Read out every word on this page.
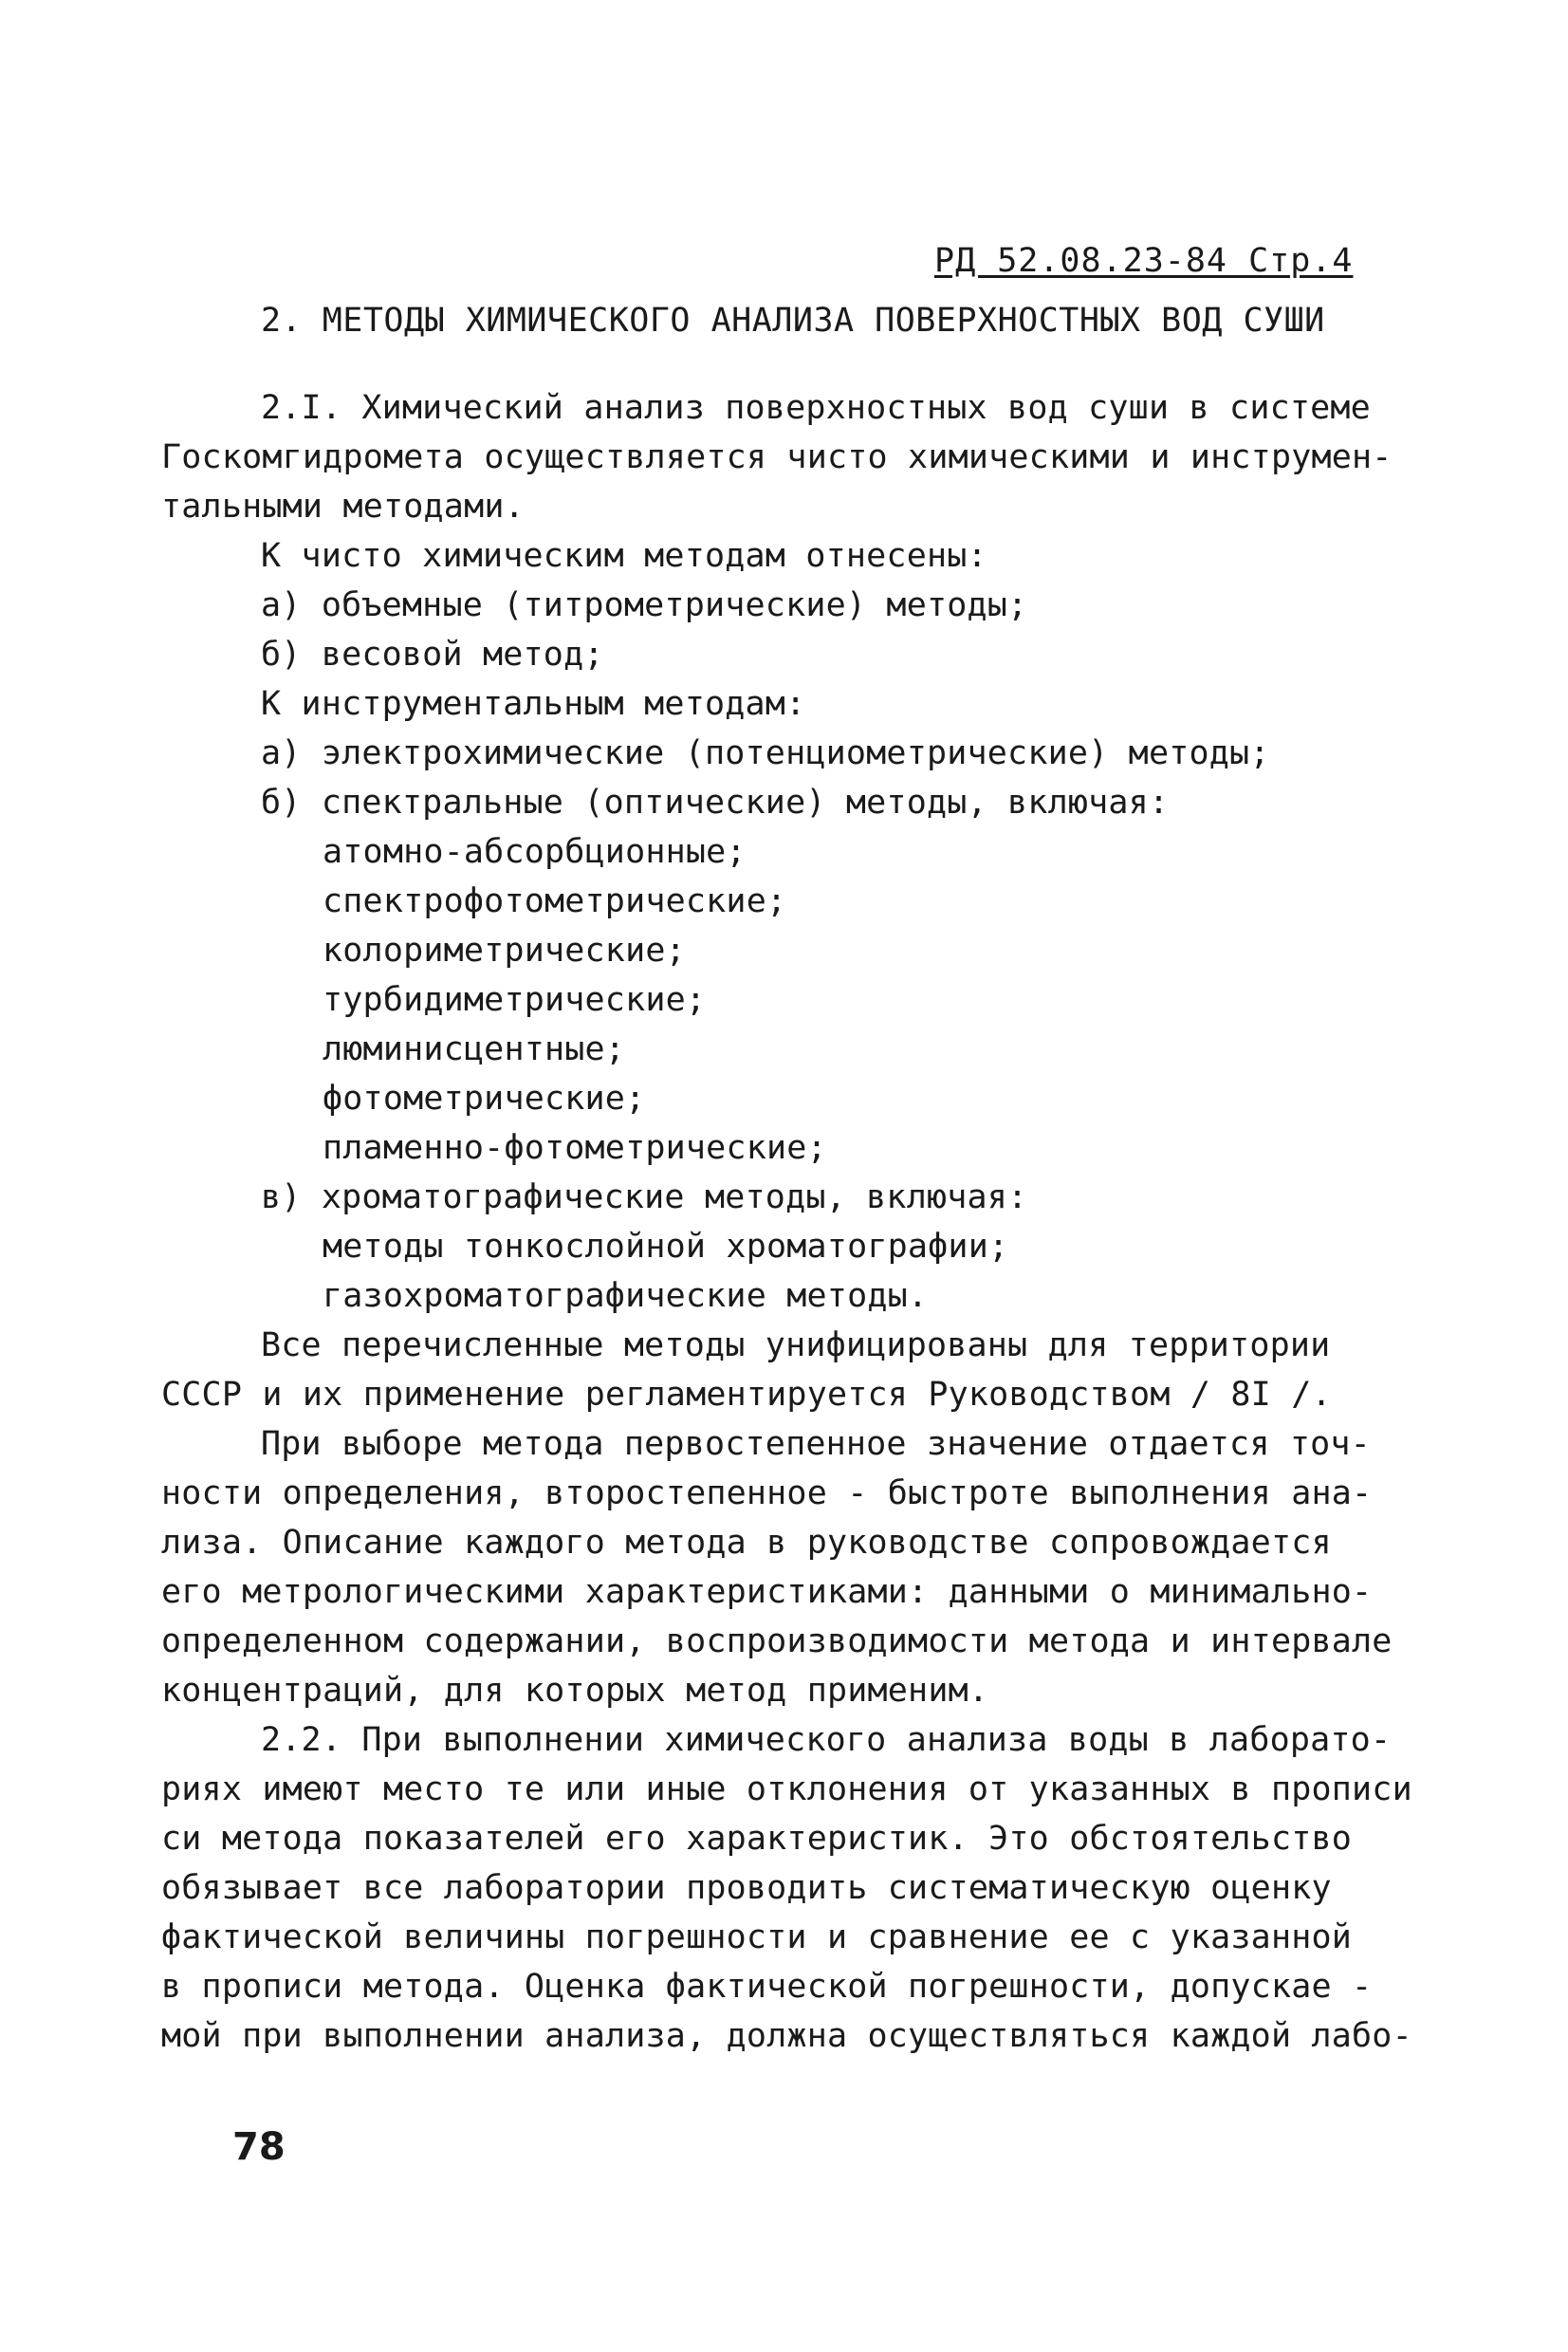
РД 52.08.23-84 Стр.4
2. МЕТОДЫ ХИМИЧЕСКОГО АНАЛИЗА ПОВЕРХНОСТНЫХ ВОД СУШИ
2.I. Химический анализ поверхностных вод суши в системе
Госкомгидромета осуществляется чисто химическими и инструмен-
тальными методами.
К чисто химическим методам отнесены:
а) объемные (титрометрические) методы;
б) весовой метод;
К инструментальным методам:
а) электрохимические (потенциометрические) методы;
б) спектральные (оптические) методы, включая:
атомно-абсорбционные;
спектрофотометрические;
колориметрические;
турбидиметрические;
люминисцентные;
фотометрические;
пламенно-фотометрические;
в) хроматографические методы, включая:
методы тонкослойной хроматографии;
газохроматографические методы.
Все перечисленные методы унифицированы для территории
СССР и их применение регламентируется Руководством / 8I /.
При выборе метода первостепенное значение отдается точ-
ности определения, второстепенное - быстроте выполнения ана-
лиза. Описание каждого метода в руководстве сопровождается
его метрологическими характеристиками: данными о минимально-
определенном содержании, воспроизводимости метода и интервале
концентраций, для которых метод применим.
2.2. При выполнении химического анализа воды в лаборато-
риях имеют место те или иные отклонения от указанных в прописи
си метода показателей его характеристик. Это обстоятельство
обязывает все лаборатории проводить систематическую оценку
фактической величины погрешности и сравнение ее с указанной
в прописи метода. Оценка фактической погрешности, допускае -
мой при выполнении анализа, должна осуществляться каждой лабо-
78
